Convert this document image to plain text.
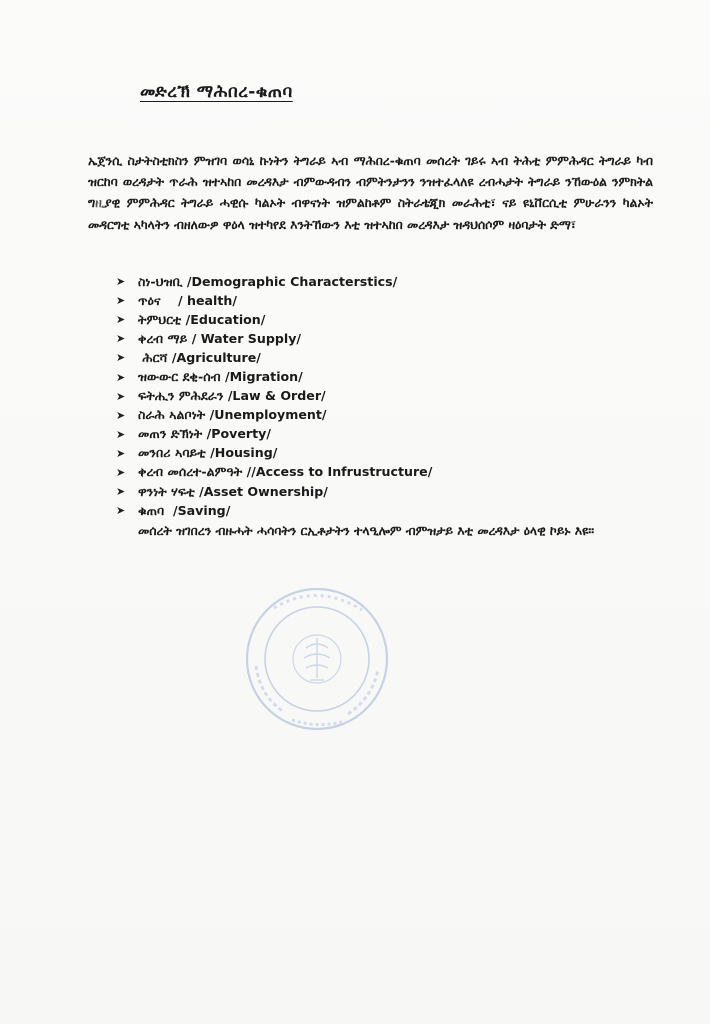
መድረኽ ማሕበረ-ቁጠባ
ኤጀንሲ ስታትስቲክስን ምዝገባ ወሳኒ ኩነትን ትግራይ ኣብ ማሕበረ-ቁጠባ መሰረት ገይሩ ኣብ ትሕቲ ምምሕዳር ትግራይ ካብ ዝርከባ ወረዳታት ጥራሕ ዝተኣከበ መረዳእታ ብምውዳብን ብምትንታንን ንዝተፈላለዩ ረብሓታት ትግራይ ንኸውዕል ንምክትል ግዚያዊ ምምሕዳር ትግራይ ሓዊሱ ካልኦት ብዋናነት ዝምልከቶም ስትራቴጂክ መራሕቲ፣ ናይ ዩኒቨርሲቲ ምሁራንን ካልኦት መዳርግቲ ኣካላትን ብዘለውዎ ዋዕላ ዝተካየደ እንትኸውን እቲ ዝተኣከበ መረዳእታ ዝዳህሰሶም ዛዕባታት ድማ፣
➤	ስነ-ህዝቢ /Demographic Characterstics/
➤	ጥዕና    / health/
➤	ትምህርቲ /Education/
➤	ቀረብ ማይ / Water Supply/
➤	ሕርሻ /Agriculture/
➤	ዝውውር ደቂ-ሰብ /Migration/
➤	ፍትሒን ምሕደራን /Law & Order/
➤	ስራሕ ኣልቦነት /Unemployment/
➤	መጠን ድኽነት /Poverty/
➤	መንበሪ ኣባይቲ /Housing/
➤	ቀረብ መሰረተ-ልምዓት //Access to Infrustructure/
➤	ዋንነት ሃፍቲ /Asset Ownership/
➤	ቁጠባ  /Saving/
መሰረት ዝገበረን ብዙሓት ሓሳባትን ርኢቶታትን ተላዒሎም ብምዝታይ እቲ መረዳእታ ዕላዊ ኮይኑ እዩ።
